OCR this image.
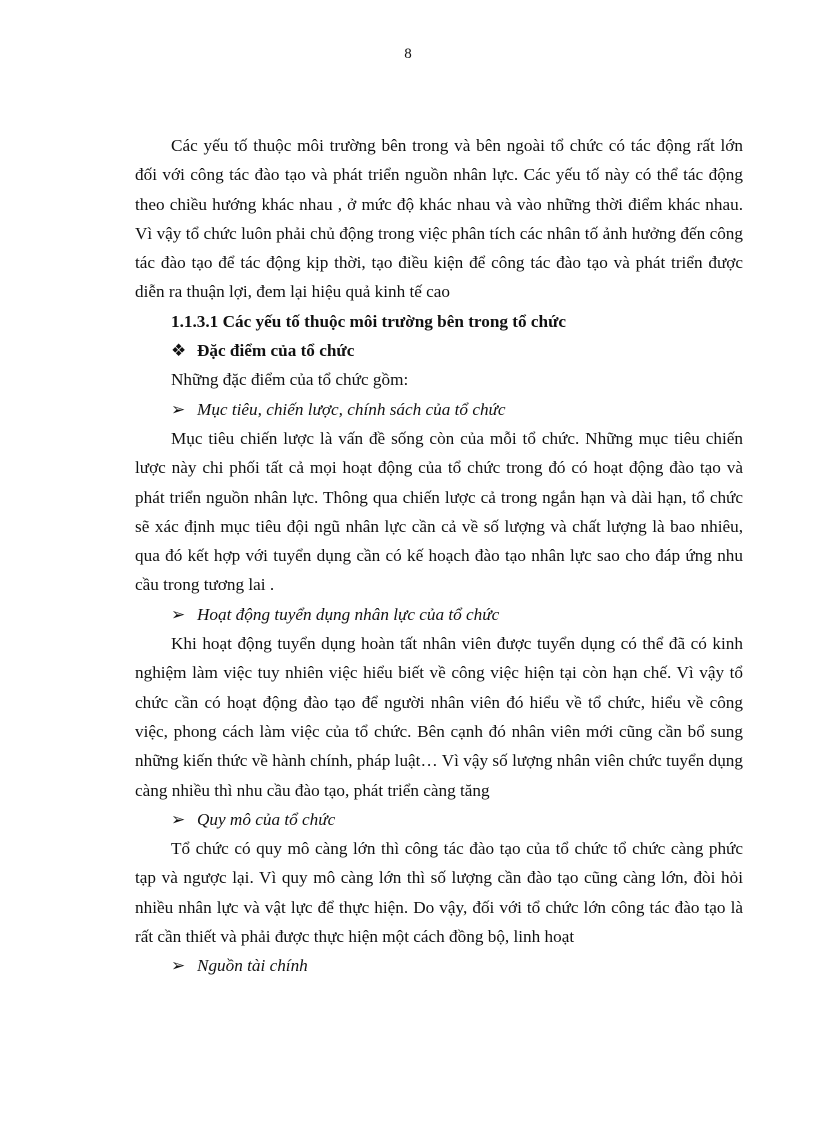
8

Các yếu tố thuộc môi trường bên trong và bên ngoài tổ chức có tác động rất lớn đối với công tác đào tạo và phát triển nguồn nhân lực. Các yếu tố này có thể tác động theo chiều hướng khác nhau , ở mức độ khác nhau và vào những thời điểm khác nhau. Vì vậy tổ chức luôn phải chủ động trong việc phân tích các nhân tố ảnh hưởng đến công tác đào tạo để tác động kịp thời, tạo điều kiện để công tác đào tạo và phát triển được diễn ra thuận lợi, đem lại hiệu quả kinh tế cao

1.1.3.1 Các yếu tố thuộc môi trường bên trong tổ chức
❖ Đặc điểm của tổ chức
Những đặc điểm của tổ chức gồm:
➢ Mục tiêu, chiến lược, chính sách của tổ chức

Mục tiêu chiến lược là vấn đề sống còn của mỗi tổ chức. Những mục tiêu chiến lược này chi phối tất cả mọi hoạt động của tổ chức trong đó có hoạt động đào tạo và phát triển nguồn nhân lực. Thông qua chiến lược cả trong ngắn hạn và dài hạn, tổ chức sẽ xác định mục tiêu đội ngũ nhân lực cần cả về số lượng và chất lượng là bao nhiêu, qua đó kết hợp với tuyển dụng cần có kế hoạch đào tạo nhân lực sao cho đáp ứng nhu cầu trong tương lai .

➢ Hoạt động tuyển dụng nhân lực của tổ chức

Khi hoạt động tuyển dụng hoàn tất nhân viên được tuyển dụng có thể đã có kinh nghiệm làm việc tuy nhiên việc hiểu biết về công việc hiện tại còn hạn chế. Vì vậy tổ chức cần có hoạt động đào tạo để người nhân viên đó hiểu về tổ chức, hiểu về công việc, phong cách làm việc của tổ chức. Bên cạnh đó nhân viên mới cũng cần bổ sung những kiến thức về hành chính, pháp luật… Vì vậy số lượng nhân viên chức tuyển dụng càng nhiều thì nhu cầu đào tạo, phát triển càng tăng

➢ Quy mô của tổ chức

Tổ chức có quy mô càng lớn thì công tác đào tạo của tổ chức tổ chức càng phức tạp và ngược lại. Vì quy mô càng lớn thì số lượng cần đào tạo cũng càng lớn, đòi hỏi nhiều nhân lực và vật lực để thực hiện. Do vậy, đối với tổ chức lớn công tác đào tạo là rất cần thiết và phải được thực hiện một cách đồng bộ, linh hoạt

➢ Nguồn tài chính
